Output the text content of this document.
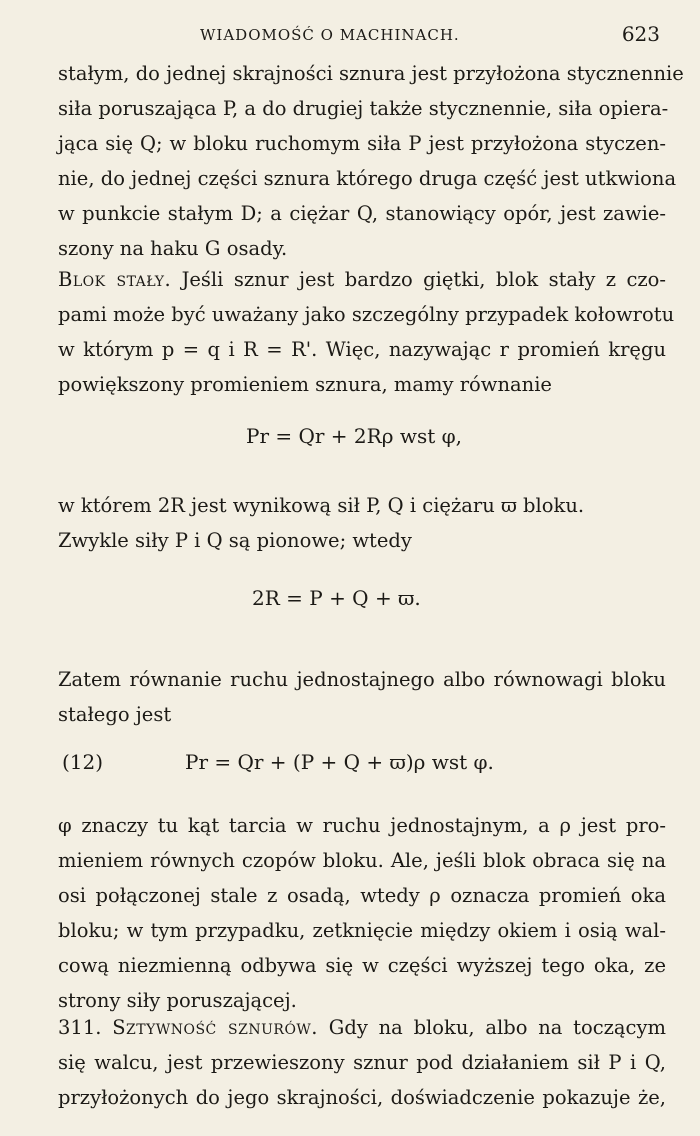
WIADOMOŚĆ O MACHINACH.	623
stałym, do jednej skrajności sznura jest przyłożona stycznennie
siła poruszająca P, a do drugiej także stycznennie, siła opiera-
jąca się Q; w bloku ruchomym siła P jest przyłożona styczen-
nie, do jednej części sznura którego druga część jest utkwiona
w punkcie stałym D; a ciężar Q, stanowiący opór, jest zawie-
szony na haku G osady.
Blok stały. Jeśli sznur jest bardzo giętki, blok stały z czo-
pami może być uważany jako szczególny przypadek kołowrotu
w którym p = q i R = R'. Więc, nazywając r promień kręgu
powiększony promieniem sznura, mamy równanie
Pr = Qr + 2Rρ wst φ,
w którem 2R jest wynikową sił P, Q i ciężaru ϖ bloku.
Zwykle siły P i Q są pionowe; wtedy
2R = P + Q + ϖ.
Zatem równanie ruchu jednostajnego albo równowagi bloku
stałego jest
(12)	Pr = Qr + (P + Q + ϖ)ρ wst φ.
φ znaczy tu kąt tarcia w ruchu jednostajnym, a ρ jest pro-
mieniem równych czopów bloku. Ale, jeśli blok obraca się na
osi połączonej stale z osadą, wtedy ρ oznacza promień oka
bloku; w tym przypadku, zetknięcie między okiem i osią wal-
cową niezmienną odbywa się w części wyższej tego oka, ze
strony siły poruszającej.
311. Sztywność sznurów. Gdy na bloku, albo na toczącym
się walcu, jest przewieszony sznur pod działaniem sił P i Q,
przyłożonych do jego skrajności, doświadczenie pokazuje że,
